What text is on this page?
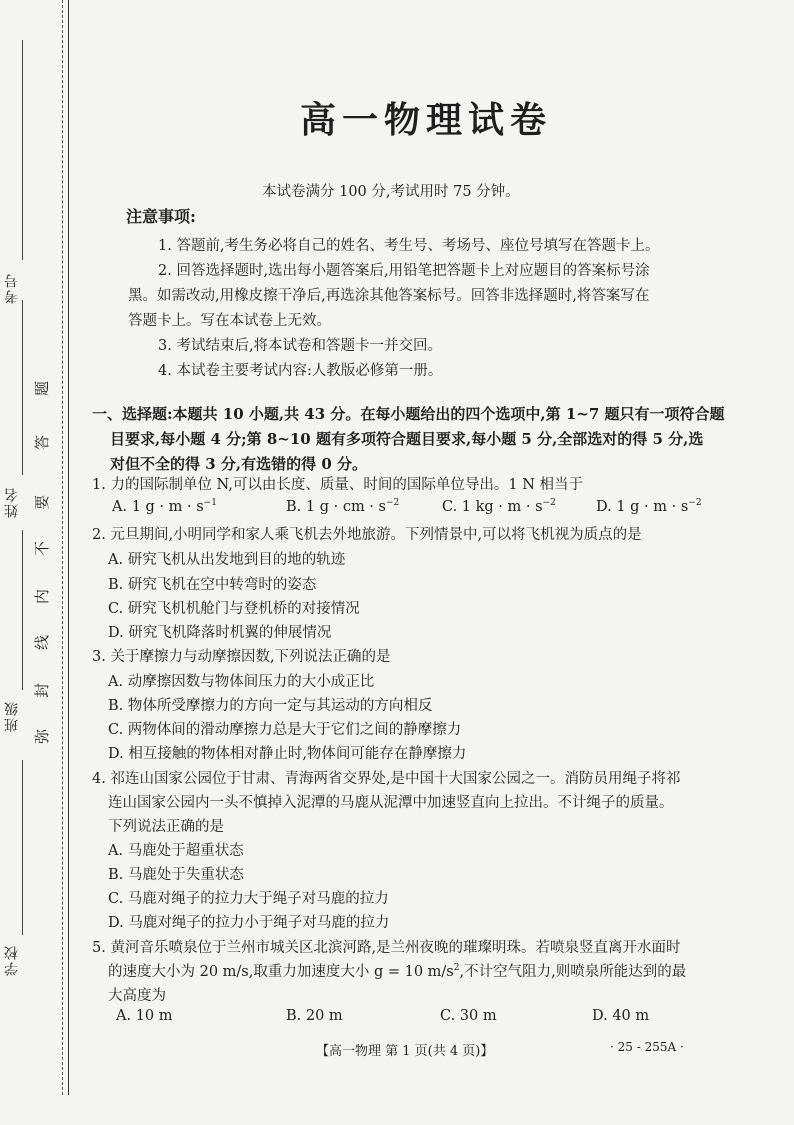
考号
姓名
班级
学校
弥
封
线
内
不
要
答
题
高一物理试卷
本试卷满分 100 分,考试用时 75 分钟。
注意事项:
1. 答题前,考生务必将自己的姓名、考生号、考场号、座位号填写在答题卡上。
2. 回答选择题时,选出每小题答案后,用铅笔把答题卡上对应题目的答案标号涂
黑。如需改动,用橡皮擦干净后,再选涂其他答案标号。回答非选择题时,将答案写在
答题卡上。写在本试卷上无效。
3. 考试结束后,将本试卷和答题卡一并交回。
4. 本试卷主要考试内容:人教版必修第一册。
一、选择题:本题共 10 小题,共 43 分。在每小题给出的四个选项中,第 1~7 题只有一项符合题
目要求,每小题 4 分;第 8~10 题有多项符合题目要求,每小题 5 分,全部选对的得 5 分,选
对但不全的得 3 分,有选错的得 0 分。
1. 力的国际制单位 N,可以由长度、质量、时间的国际单位导出。1 N 相当于
A. 1 $g \cdot m \cdot s^{-1}$	B. 1 g · cm · $s^{-2}$	C. 1 kg · $m \cdot s^{-2}$	D. 1 $g \cdot m \cdot s^{-2}$
2. 元旦期间,小明同学和家人乘飞机去外地旅游。下列情景中,可以将飞机视为质点的是
A. 研究飞机从出发地到目的地的轨迹
B. 研究飞机在空中转弯时的姿态
C. 研究飞机机舱门与登机桥的对接情况
D. 研究飞机降落时机翼的伸展情况
3. 关于摩擦力与动摩擦因数,下列说法正确的是
A. 动摩擦因数与物体间压力的大小成正比
B. 物体所受摩擦力的方向一定与其运动的方向相反
C. 两物体间的滑动摩擦力总是大于它们之间的静摩擦力
D. 相互接触的物体相对静止时,物体间可能存在静摩擦力
4. 祁连山国家公园位于甘肃、青海两省交界处,是中国十大国家公园之一。消防员用绳子将祁
连山国家公园内一头不慎掉入泥潭的马鹿从泥潭中加速竖直向上拉出。不计绳子的质量。
下列说法正确的是
A. 马鹿处于超重状态
B. 马鹿处于失重状态
C. 马鹿对绳子的拉力大于绳子对马鹿的拉力
D. 马鹿对绳子的拉力小于绳子对马鹿的拉力
5. 黄河音乐喷泉位于兰州市城关区北滨河路,是兰州夜晚的璀璨明珠。若喷泉竖直离开水面时
的速度大小为 20 m/s,取重力加速度大小 g = 10 $m/s^2$,不计空气阻力,则喷泉所能达到的最
大高度为
A. 10 m	B. 20 m	C. 30 m	D. 40 m
【高一物理 第 1 页(共 4 页)】	· 25 - 255A ·
